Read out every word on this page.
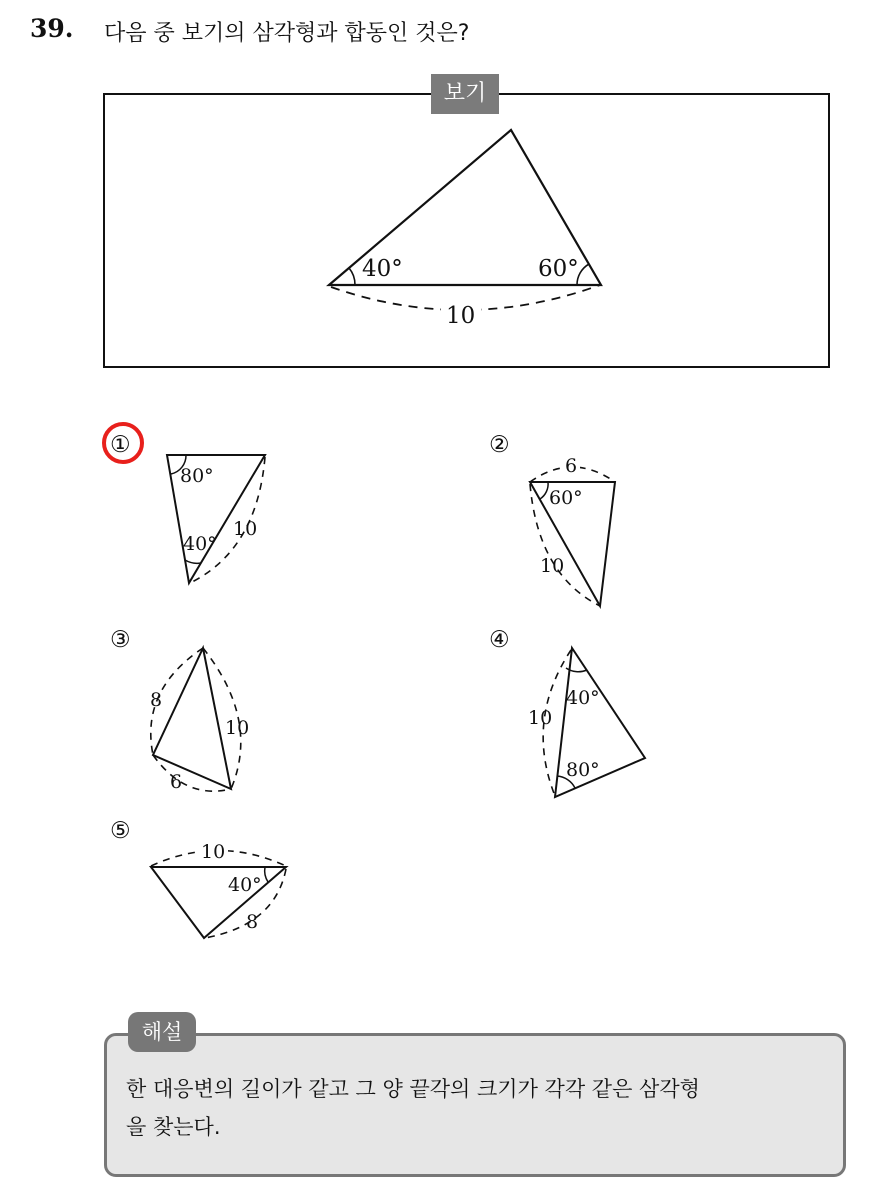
39. 다음 중 보기의 삼각형과 합동인 것은?
보기
40°	60°
10
①
80°
40°
10
②
6
60°
10
③
8
10
6
④
40°
10
80°
⑤
10
40°
8
해설
한 대응변의 길이가 같고 그 양 끝각의 크기가 각각 같은 삼각형
을 찾는다.
